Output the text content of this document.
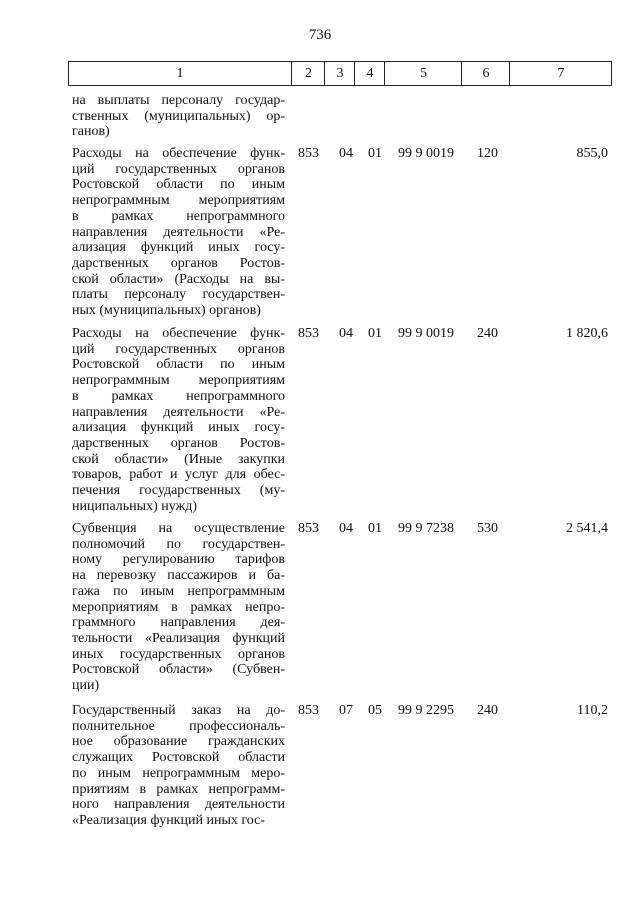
736
1	2	3	4	5	6	7
на выплаты персоналу государ-
ственных (муниципальных) ор-
ганов)
Расходы на обеспечение функ-
ций государственных органов
Ростовской области по иным
непрограммным мероприятиям
в рамках непрограммного
направления деятельности «Ре-
ализация функций иных госу-
дарственных органов Ростов-
ской области» (Расходы на вы-
платы персоналу государствен-
ных (муниципальных) органов)
853	04	01	99 9 0019	120	855,0
Расходы на обеспечение функ-
ций государственных органов
Ростовской области по иным
непрограммным мероприятиям
в рамках непрограммного
направления деятельности «Ре-
ализация функций иных госу-
дарственных органов Ростов-
ской области» (Иные закупки
товаров, работ и услуг для обес-
печения государственных (му-
ниципальных) нужд)
853	04	01	99 9 0019	240	1 820,6
Субвенция на осуществление
полномочий по государствен-
ному регулированию тарифов
на перевозку пассажиров и ба-
гажа по иным непрограммным
мероприятиям в рамках непро-
граммного направления дея-
тельности «Реализация функций
иных государственных органов
Ростовской области» (Субвен-
ции)
853	04	01	99 9 7238	530	2 541,4
Государственный заказ на до-
полнительное профессиональ-
ное образование гражданских
служащих Ростовской области
по иным непрограммным меро-
приятиям в рамках непрограмм-
ного направления деятельности
«Реализация функций иных гос-
853	07	05	99 9 2295	240	110,2
